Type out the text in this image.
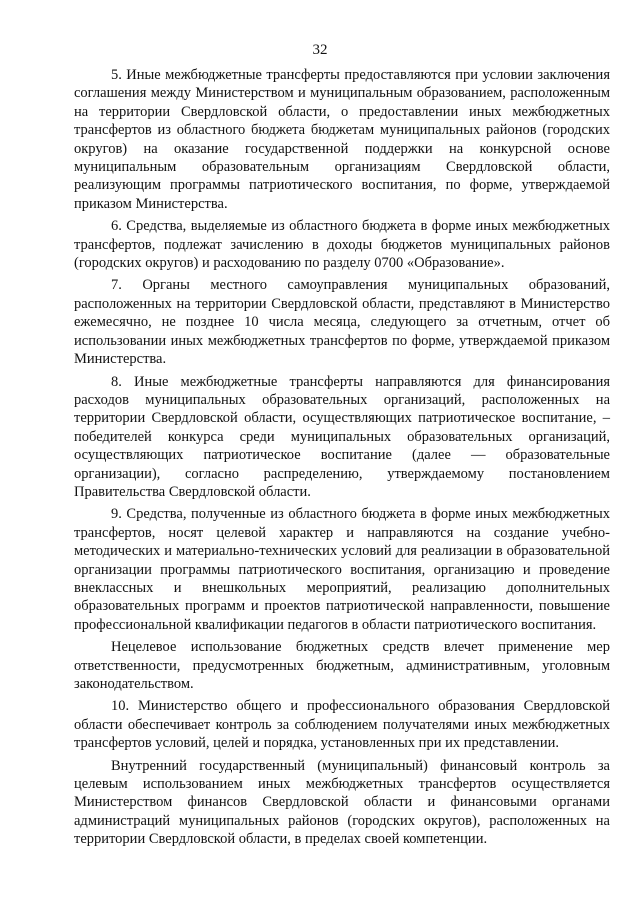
32

5. Иные межбюджетные трансферты предоставляются при условии заключения соглашения между Министерством и муниципальным образованием, расположенным на территории Свердловской области, о предоставлении иных межбюджетных трансфертов из областного бюджета бюджетам муниципальных районов (городских округов) на оказание государственной поддержки на конкурсной основе муниципальным образовательным организациям Свердловской области, реализующим программы патриотического воспитания, по форме, утверждаемой приказом Министерства.

6. Средства, выделяемые из областного бюджета в форме иных межбюджетных трансфертов, подлежат зачислению в доходы бюджетов муниципальных районов (городских округов) и расходованию по разделу 0700 «Образование».

7. Органы местного самоуправления муниципальных образований, расположенных на территории Свердловской области, представляют в Министерство ежемесячно, не позднее 10 числа месяца, следующего за отчетным, отчет об использовании иных межбюджетных трансфертов по форме, утверждаемой приказом Министерства.

8. Иные межбюджетные трансферты направляются для финансирования расходов муниципальных образовательных организаций, расположенных на территории Свердловской области, осуществляющих патриотическое воспитание, – победителей конкурса среди муниципальных образовательных организаций, осуществляющих патриотическое воспитание (далее — образовательные организации), согласно распределению, утверждаемому постановлением Правительства Свердловской области.

9. Средства, полученные из областного бюджета в форме иных межбюджетных трансфертов, носят целевой характер и направляются на создание учебно-методических и материально-технических условий для реализации в образовательной организации программы патриотического воспитания, организацию и проведение внеклассных и внешкольных мероприятий, реализацию дополнительных образовательных программ и проектов патриотической направленности, повышение профессиональной квалификации педагогов в области патриотического воспитания.

Нецелевое использование бюджетных средств влечет применение мер ответственности, предусмотренных бюджетным, административным, уголовным законодательством.

10. Министерство общего и профессионального образования Свердловской области обеспечивает контроль за соблюдением получателями иных межбюджетных трансфертов условий, целей и порядка, установленных при их представлении.

Внутренний государственный (муниципальный) финансовый контроль за целевым использованием иных межбюджетных трансфертов осуществляется Министерством финансов Свердловской области и финансовыми органами администраций муниципальных районов (городских округов), расположенных на территории Свердловской области, в пределах своей компетенции.
